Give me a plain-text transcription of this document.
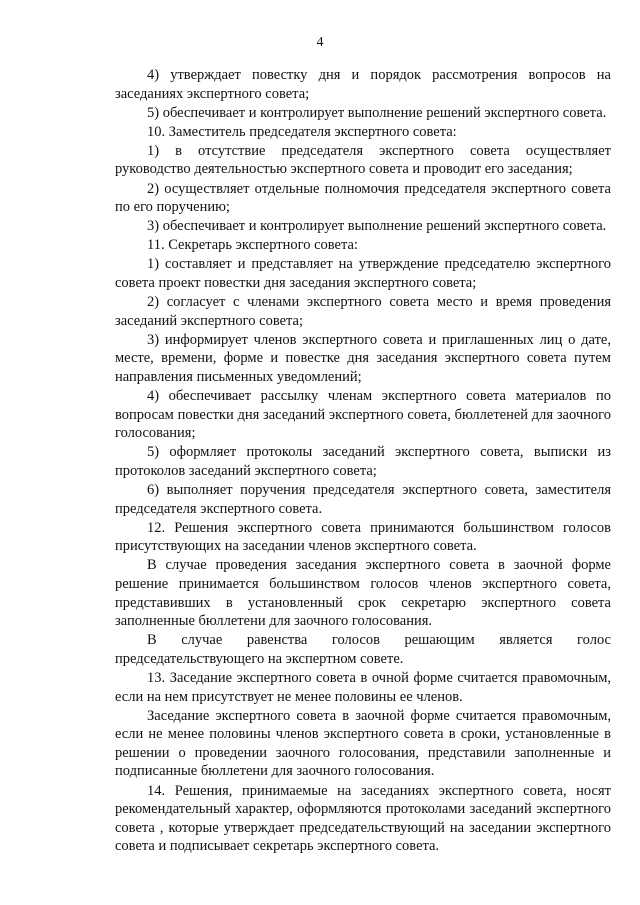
4

4) утверждает повестку дня и порядок рассмотрения вопросов на заседаниях экспертного совета;

5) обеспечивает и контролирует выполнение решений экспертного совета.

10. Заместитель председателя экспертного совета:

1) в отсутствие председателя экспертного совета осуществляет руководство деятельностью экспертного совета и проводит его заседания;

2) осуществляет отдельные полномочия председателя экспертного совета по его поручению;

3) обеспечивает и контролирует выполнение решений экспертного совета.

11. Секретарь экспертного совета:

1) составляет и представляет на утверждение председателю экспертного совета проект повестки дня заседания экспертного совета;

2) согласует с членами экспертного совета место и время проведения заседаний экспертного совета;

3) информирует членов экспертного совета и приглашенных лиц о дате, месте, времени, форме и повестке дня заседания экспертного совета путем направления письменных уведомлений;

4) обеспечивает рассылку членам экспертного совета материалов по вопросам повестки дня заседаний экспертного совета, бюллетеней для заочного голосования;

5) оформляет протоколы заседаний экспертного совета, выписки из протоколов заседаний экспертного совета;

6) выполняет поручения председателя экспертного совета, заместителя председателя экспертного совета.

12. Решения экспертного совета принимаются большинством голосов присутствующих на заседании членов экспертного совета.

В случае проведения заседания экспертного совета в заочной форме решение принимается большинством голосов членов экспертного совета, представивших в установленный срок секретарю экспертного совета заполненные бюллетени для заочного голосования.

В случае равенства голосов решающим является голос председательствующего на экспертном совете.

13. Заседание экспертного совета в очной форме считается правомочным, если на нем присутствует не менее половины ее членов.

Заседание экспертного совета в заочной форме считается правомочным, если не менее половины членов экспертного совета в сроки, установленные в решении о проведении заочного голосования, представили заполненные и подписанные бюллетени для заочного голосования.

14. Решения, принимаемые на заседаниях экспертного совета, носят рекомендательный характер, оформляются протоколами заседаний экспертного совета , которые утверждает председательствующий на заседании экспертного совета и подписывает секретарь экспертного совета.
